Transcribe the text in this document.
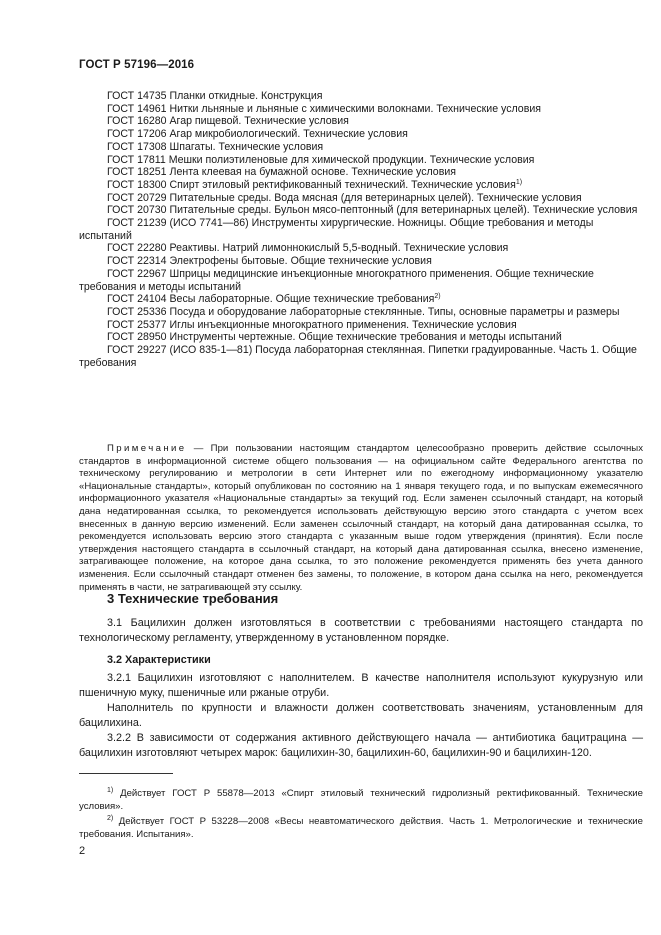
ГОСТ Р 57196—2016
ГОСТ 14735 Планки откидные. Конструкция
ГОСТ 14961 Нитки льняные и льняные с химическими волокнами. Технические условия
ГОСТ 16280 Агар пищевой. Технические условия
ГОСТ 17206 Агар микробиологический. Технические условия
ГОСТ 17308 Шпагаты. Технические условия
ГОСТ 17811 Мешки полиэтиленовые для химической продукции. Технические условия
ГОСТ 18251 Лента клеевая на бумажной основе. Технические условия
ГОСТ 18300 Спирт этиловый ректификованный технический. Технические условия$^{1)}$
ГОСТ 20729 Питательные среды. Вода мясная (для ветеринарных целей). Технические условия
ГОСТ 20730 Питательные среды. Бульон мясо-пептонный (для ветеринарных целей). Технические условия
ГОСТ 21239 (ИСО 7741—86) Инструменты хирургические. Ножницы. Общие требования и методы испытаний
ГОСТ 22280 Реактивы. Натрий лимоннокислый 5,5-водный. Технические условия
ГОСТ 22314 Электрофены бытовые. Общие технические условия
ГОСТ 22967 Шприцы медицинские инъекционные многократного применения. Общие технические требования и методы испытаний
ГОСТ 24104 Весы лабораторные. Общие технические требования$^{2)}$
ГОСТ 25336 Посуда и оборудование лабораторные стеклянные. Типы, основные параметры и размеры
ГОСТ 25377 Иглы инъекционные многократного применения. Технические условия
ГОСТ 28950 Инструменты чертежные. Общие технические требования и методы испытаний
ГОСТ 29227 (ИСО 835-1—81) Посуда лабораторная стеклянная. Пипетки градуированные. Часть 1. Общие требования
Примечание — При пользовании настоящим стандартом целесообразно проверить действие ссылочных стандартов в информационной системе общего пользования — на официальном сайте Федерального агентства по техническому регулированию и метрологии в сети Интернет или по ежегодному информационному указателю «Национальные стандарты», который опубликован по состоянию на 1 января текущего года, и по выпускам ежемесячного информационного указателя «Национальные стандарты» за текущий год. Если заменен ссылочный стандарт, на который дана недатированная ссылка, то рекомендуется использовать действующую версию этого стандарта с учетом всех внесенных в данную версию изменений. Если заменен ссылочный стандарт, на который дана датированная ссылка, то рекомендуется использовать версию этого стандарта с указанным выше годом утверждения (принятия). Если после утверждения настоящего стандарта в ссылочный стандарт, на который дана датированная ссылка, внесено изменение, затрагивающее положение, на которое дана ссылка, то это положение рекомендуется применять без учета данного изменения. Если ссылочный стандарт отменен без замены, то положение, в котором дана ссылка на него, рекомендуется применять в части, не затрагивающей эту ссылку.
3 Технические требования
3.1 Бацилихин должен изготовляться в соответствии с требованиями настоящего стандарта по технологическому регламенту, утвержденному в установленном порядке.
3.2 Характеристики
3.2.1 Бацилихин изготовляют с наполнителем. В качестве наполнителя используют кукурузную или пшеничную муку, пшеничные или ржаные отруби.
Наполнитель по крупности и влажности должен соответствовать значениям, установленным для бацилихина.
3.2.2 В зависимости от содержания активного действующего начала — антибиотика бацитрацина — бацилихин изготовляют четырех марок: бацилихин-30, бацилихин-60, бацилихин-90 и бацилихин-120.
$^{1)}$ Действует ГОСТ Р 55878—2013 «Спирт этиловый технический гидролизный ректификованный. Технические условия».
$^{2)}$ Действует ГОСТ Р 53228—2008 «Весы неавтоматического действия. Часть 1. Метрологические и технические требования. Испытания».
2
